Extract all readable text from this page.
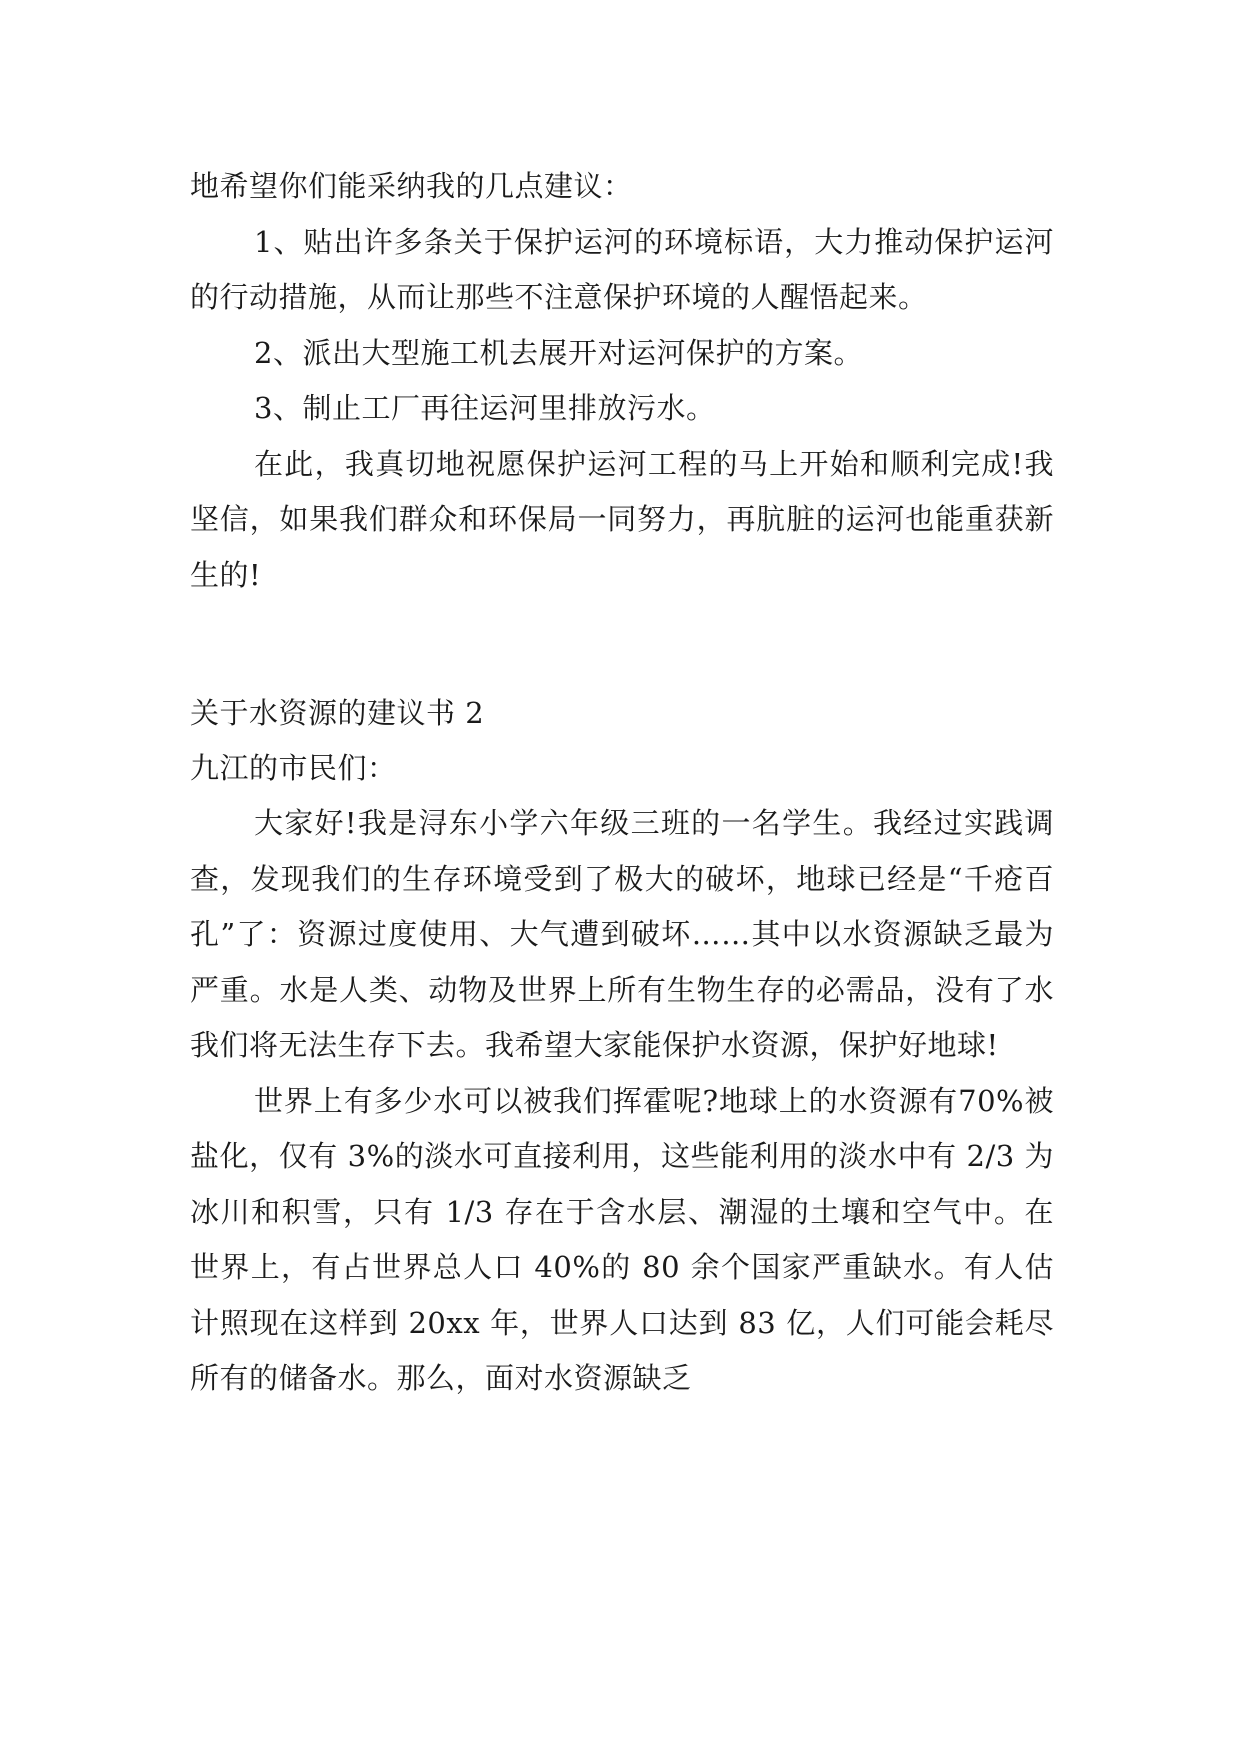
地希望你们能采纳我的几点建议：

1、贴出许多条关于保护运河的环境标语，大力推动保护运河的行动措施，从而让那些不注意保护环境的人醒悟起来。

2、派出大型施工机去展开对运河保护的方案。

3、制止工厂再往运河里排放污水。

在此，我真切地祝愿保护运河工程的马上开始和顺利完成!我坚信，如果我们群众和环保局一同努力，再肮脏的运河也能重获新生的!

关于水资源的建议书 2

九江的市民们：

大家好!我是浔东小学六年级三班的一名学生。我经过实践调查，发现我们的生存环境受到了极大的破坏，地球已经是“千疮百孔”了：资源过度使用、大气遭到破坏……其中以水资源缺乏最为严重。水是人类、动物及世界上所有生物生存的必需品，没有了水我们将无法生存下去。我希望大家能保护水资源，保护好地球!

世界上有多少水可以被我们挥霍呢?地球上的水资源有70%被盐化，仅有 3%的淡水可直接利用，这些能利用的淡水中有 2/3 为冰川和积雪，只有 1/3 存在于含水层、潮湿的土壤和空气中。在世界上，有占世界总人口 40%的 80 余个国家严重缺水。有人估计照现在这样到 20xx 年，世界人口达到 83 亿，人们可能会耗尽所有的储备水。那么，面对水资源缺乏
